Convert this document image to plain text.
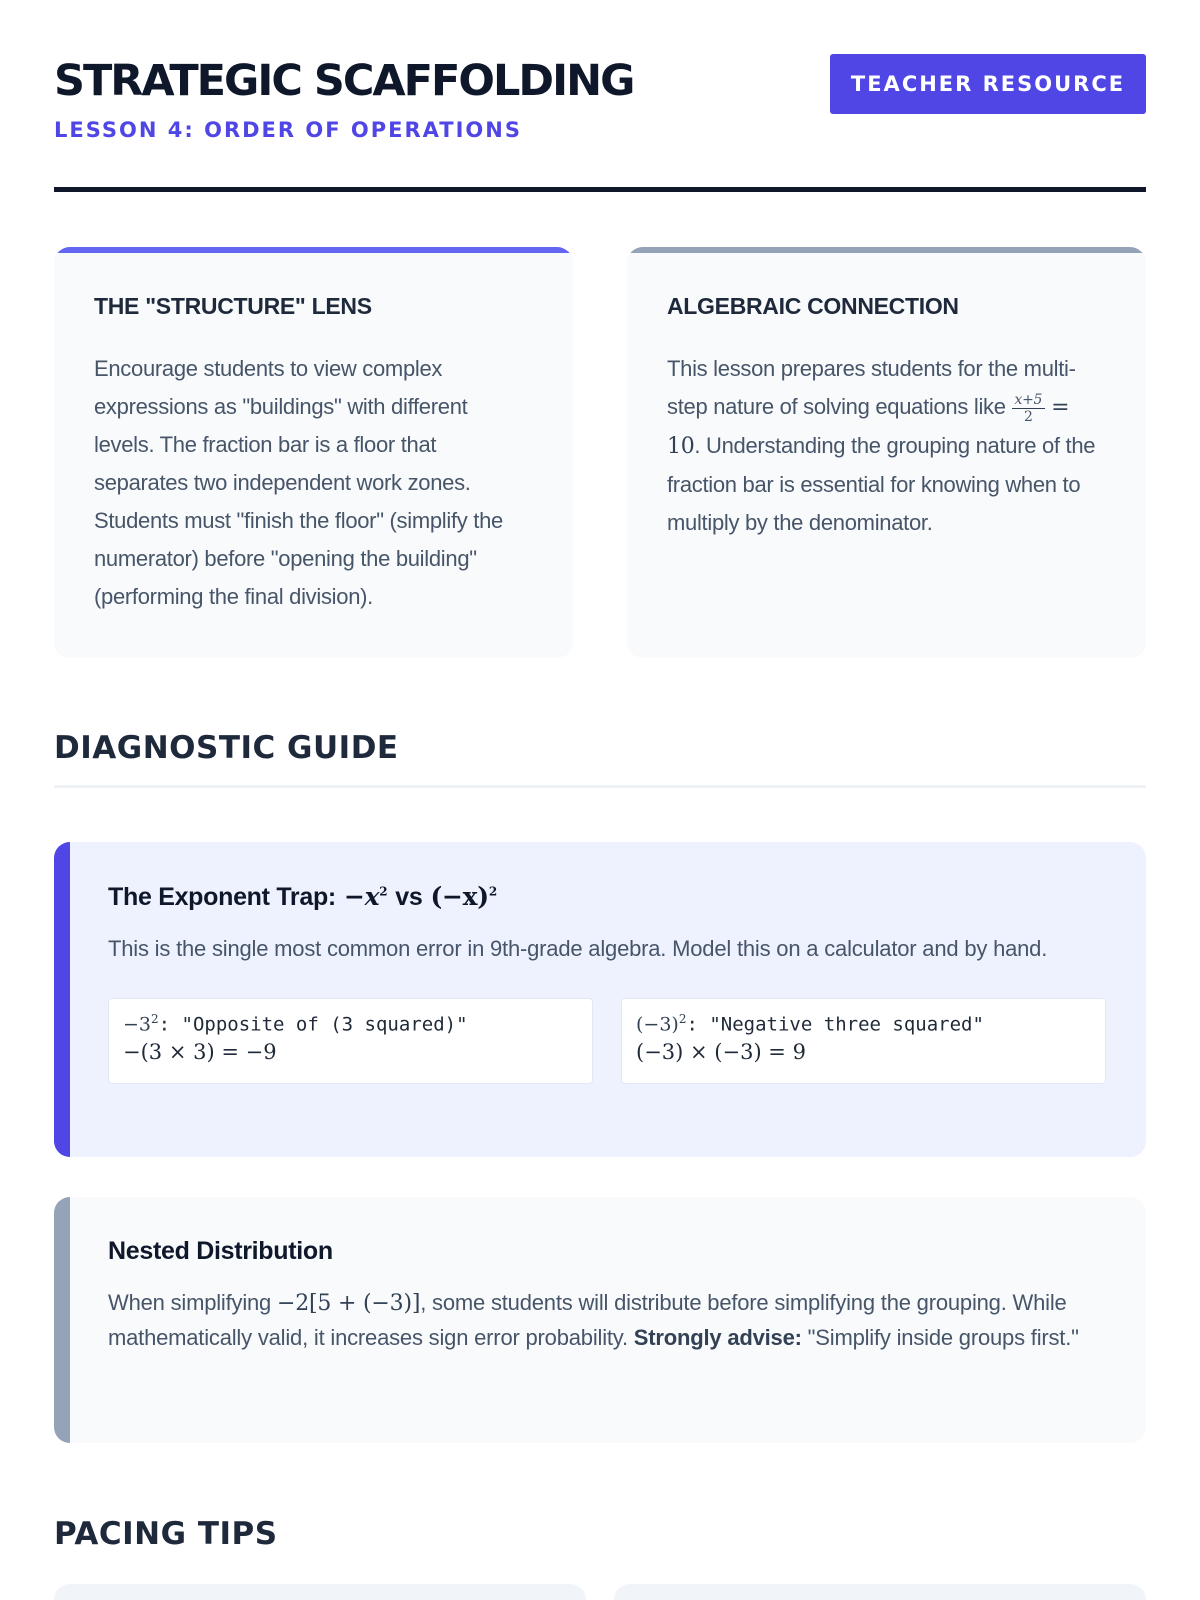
STRATEGIC SCAFFOLDING
LESSON 4: ORDER OF OPERATIONS
TEACHER RESOURCE
THE "STRUCTURE" LENS
Encourage students to view complex expressions as "buildings" with different levels. The fraction bar is a floor that separates two independent work zones. Students must "finish the floor" (simplify the numerator) before "opening the building" (performing the final division).
ALGEBRAIC CONNECTION
This lesson prepares students for the multi-step nature of solving equations like $\frac{x+5}{2} = 10$. Understanding the grouping nature of the fraction bar is essential for knowing when to multiply by the denominator.
DIAGNOSTIC GUIDE
The Exponent Trap: $-x^2$ vs $(-x)^2$
This is the single most common error in 9th-grade algebra. Model this on a calculator and by hand.
$-3^2$: "Opposite of (3 squared)"
−(3 × 3) = −9
$(-3)^2$: "Negative three squared"
(−3) × (−3) = 9
Nested Distribution
When simplifying −2[5 + (−3)], some students will distribute before simplifying the grouping. While mathematically valid, it increases sign error probability. Strongly advise: "Simplify inside groups first."
PACING TIPS
